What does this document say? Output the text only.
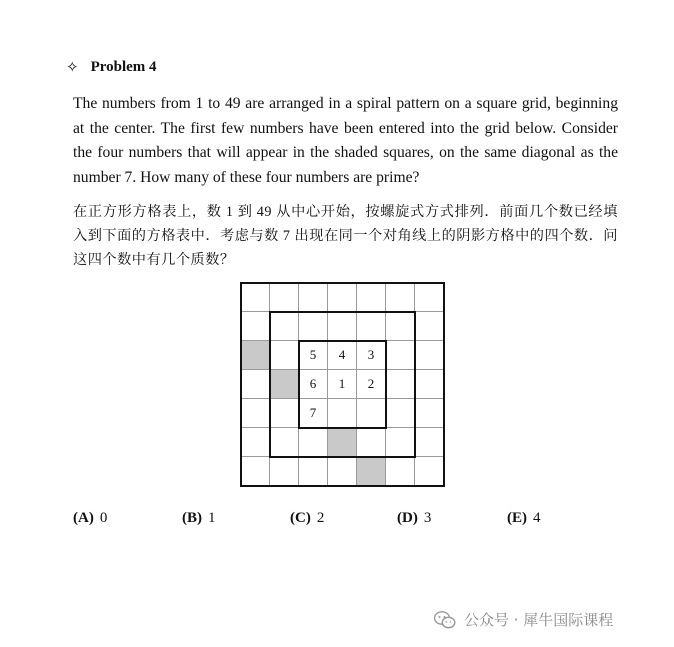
✧ Problem 4

The numbers from 1 to 49 are arranged in a spiral pattern on a square grid, beginning at the center. The first few numbers have been entered into the grid below. Consider the four numbers that will appear in the shaded squares, on the same diagonal as the number 7. How many of these four numbers are prime?

在正方形方格表上，数 1 到 49 从中心开始，按螺旋式方式排列．前面几个数已经填入到下面的方格表中．考虑与数 7 出现在同一个对角线上的阴影方格中的四个数．问这四个数中有几个质数？

5	4	3
6	1	2
7
(A) 0	(B) 1	(C) 2	(D) 3	(E) 4
公众号 · 犀牛国际课程
